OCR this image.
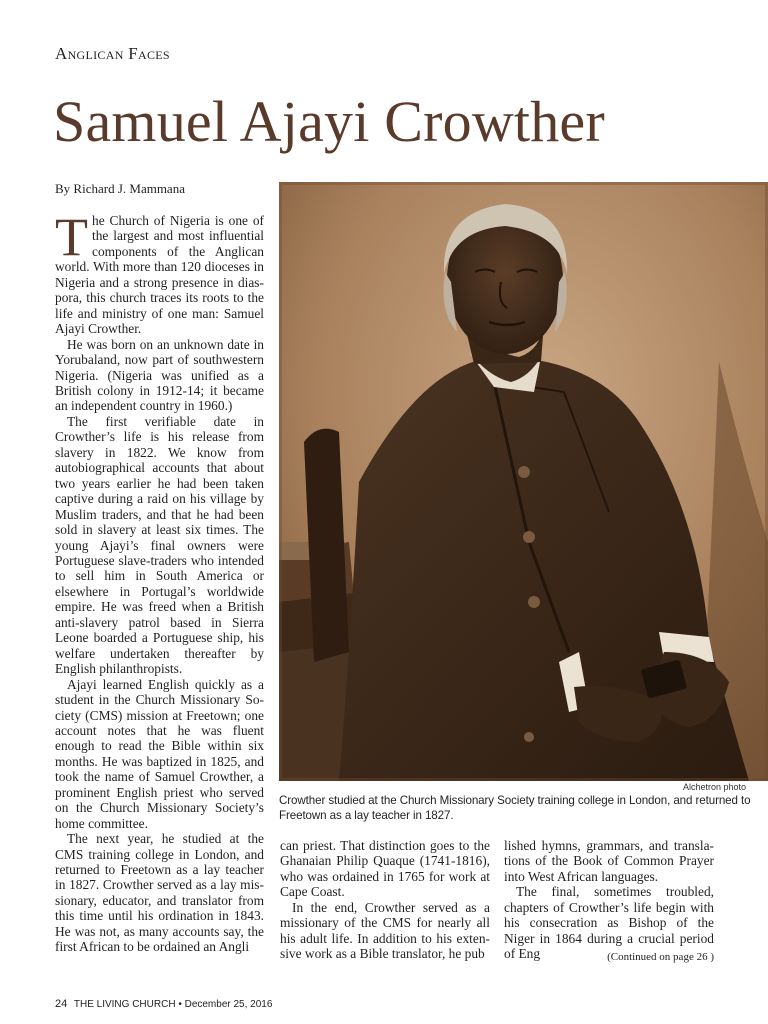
Anglican Faces
Samuel Ajayi Crowther
By Richard J. Mammana

The Church of Nigeria is one of the largest and most influential components of the Anglican world. With more than 120 dioceses in Nigeria and a strong presence in diaspora, this church traces its roots to the life and ministry of one man: Samuel Ajayi Crowther.

He was born on an unknown date in Yorubaland, now part of southwestern Nigeria. (Nigeria was unified as a British colony in 1912-14; it became an independent country in 1960.)

The first verifiable date in Crowther’s life is his release from slavery in 1822. We know from autobiographical accounts that about two years earlier he had been taken captive during a raid on his village by Muslim traders, and that he had been sold in slavery at least six times. The young Ajayi’s final owners were Portuguese slave-traders who intended to sell him in South America or elsewhere in Portugal’s worldwide empire. He was freed when a British anti-slavery patrol based in Sierra Leone boarded a Portuguese ship, his welfare undertaken thereafter by English philanthropists.

Ajayi learned English quickly as a student in the Church Missionary Society (CMS) mission at Freetown; one account notes that he was fluent enough to read the Bible within six months. He was baptized in 1825, and took the name of Samuel Crowther, a prominent English priest who served on the Church Missionary Society’s home committee.

The next year, he studied at the CMS training college in London, and returned to Freetown as a lay teacher in 1827. Crowther served as a lay missionary, educator, and translator from this time until his ordination in 1843. He was not, as many accounts say, the first African to be ordained an Angli

Alchetron photo
Crowther studied at the Church Missionary Society training college in London, and returned to Freetown as a lay teacher in 1827.

can priest. That distinction goes to the Ghanaian Philip Quaque (1741-1816), who was ordained in 1765 for work at Cape Coast.

In the end, Crowther served as a missionary of the CMS for nearly all his adult life. In addition to his extensive work as a Bible translator, he pub

lished hymns, grammars, and translations of the Book of Common Prayer into West African languages.

The final, sometimes troubled, chapters of Crowther’s life begin with his consecration as Bishop of the Niger in 1864 during a crucial period of Eng	(Continued on page 26 )
24 THE LIVING CHURCH • December 25, 2016
